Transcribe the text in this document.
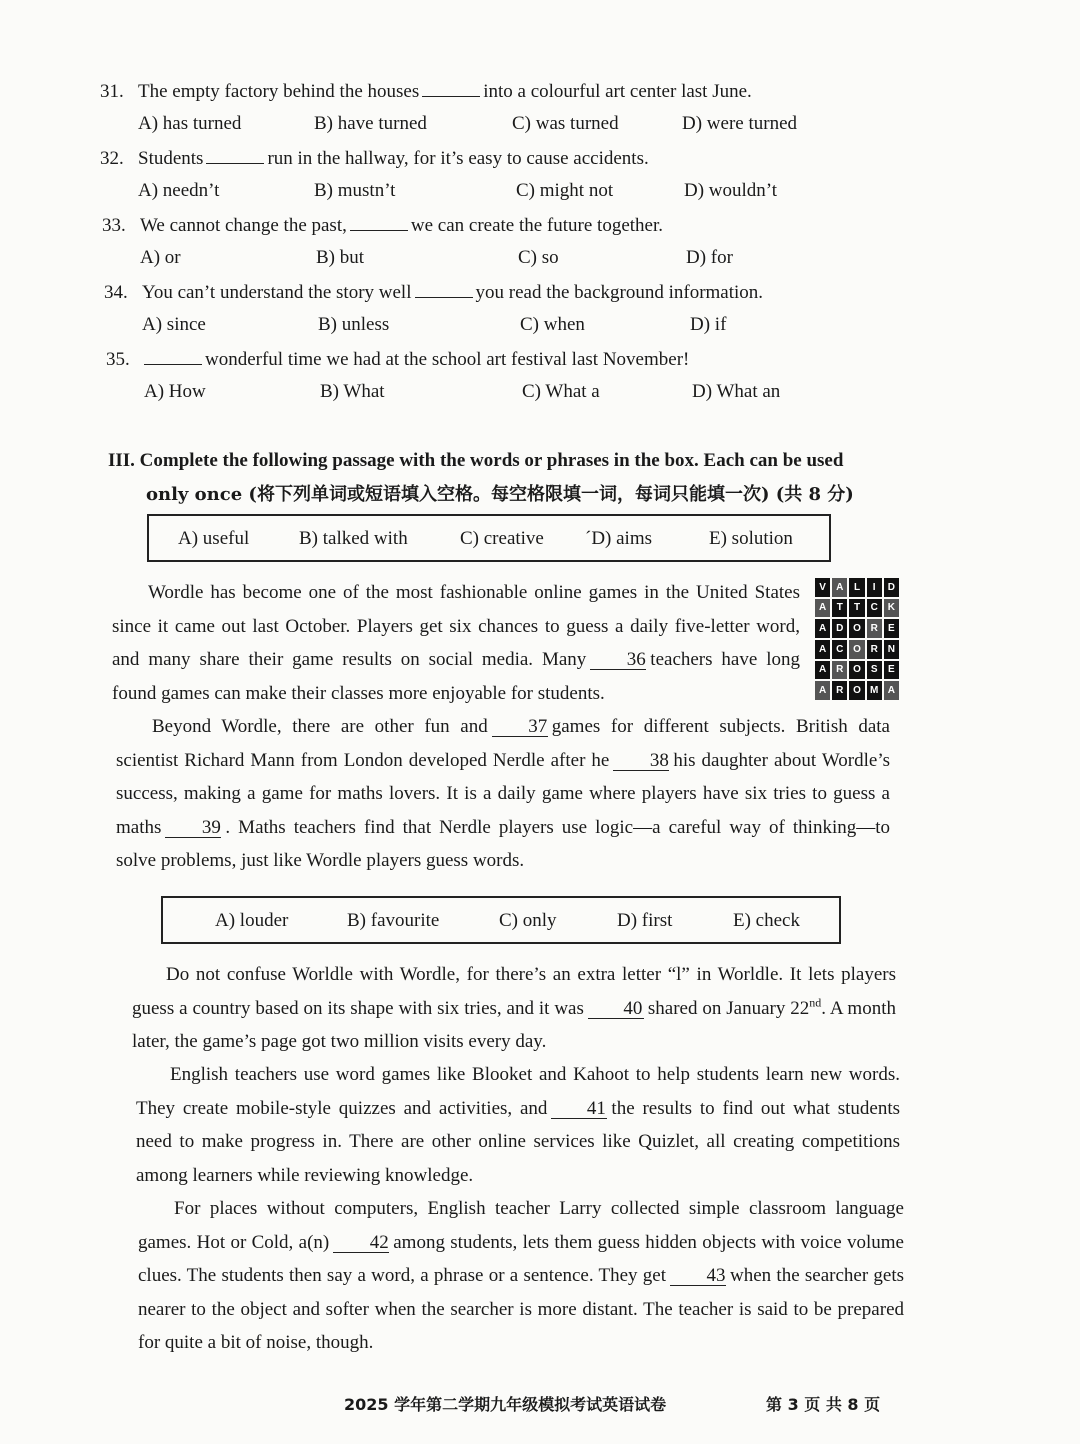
31. The empty factory behind the houses	into a colourful art center last June.
A) has turned	B) have turned	C) was turned	D) were turned
32. Students	run in the hallway, for it’s easy to cause accidents.
A) needn’t	B) mustn’t	C) might not	D) wouldn’t
33. We cannot change the past,	we can create the future together.
A) or	B) but	C) so	D) for
34. You can’t understand the story well	you read the background information.
A) since	B) unless	C) when	D) if
35.	wonderful time we had at the school art festival last November!
A) How	B) What	C) What a	D) What an
III. Complete the following passage with the words or phrases in the box. Each can be used
only once (将下列单词或短语填入空格。每空格限填一词，每词只能填一次) (共 8 分)
A) useful	B) talked with	C) creative ´D) aims	E) solution
V	A	L	I	D
A	T	T	C K
A D O R	E
A C O R N
A R O S	E
A R O M A

Wordle has become one of the most fashionable online games in the United States since it came out last October. Players get six chances to guess a daily five-letter word, and many share their game results on social media. Many 36 teachers have long found games can make their classes more enjoyable for students.

Beyond Wordle, there are other fun and 37 games for different subjects. British data scientist Richard Mann from London developed Nerdle after he 38 his daughter about Wordle’s success, making a game for maths lovers. It is a daily game where players have six tries to guess a maths 39 . Maths teachers find that Nerdle players use logic—a careful way of thinking—to solve problems, just like Wordle players guess words.

A) louder	B) favourite	C) only	D) first	E) check

Do not confuse Worldle with Wordle, for there’s an extra letter “l” in Worldle. It lets players guess a country based on its shape with six tries, and it was 40 shared on January 22nd. A month later, the game’s page got two million visits every day.

English teachers use word games like Blooket and Kahoot to help students learn new words. They create mobile-style quizzes and activities, and 41 the results to find out what students need to make progress in. There are other online services like Quizlet, all creating competitions among learners while reviewing knowledge.

For places without computers, English teacher Larry collected simple classroom language games. Hot or Cold, a(n) 42 among students, lets them guess hidden objects with voice volume clues. The students then say a word, a phrase or a sentence. They get 43 when the searcher gets nearer to the object and softer when the searcher is more distant. The teacher is said to be prepared for quite a bit of noise, though.

2025 学年第二学期九年级模拟考试英语试卷	第 3 页 共 8 页
